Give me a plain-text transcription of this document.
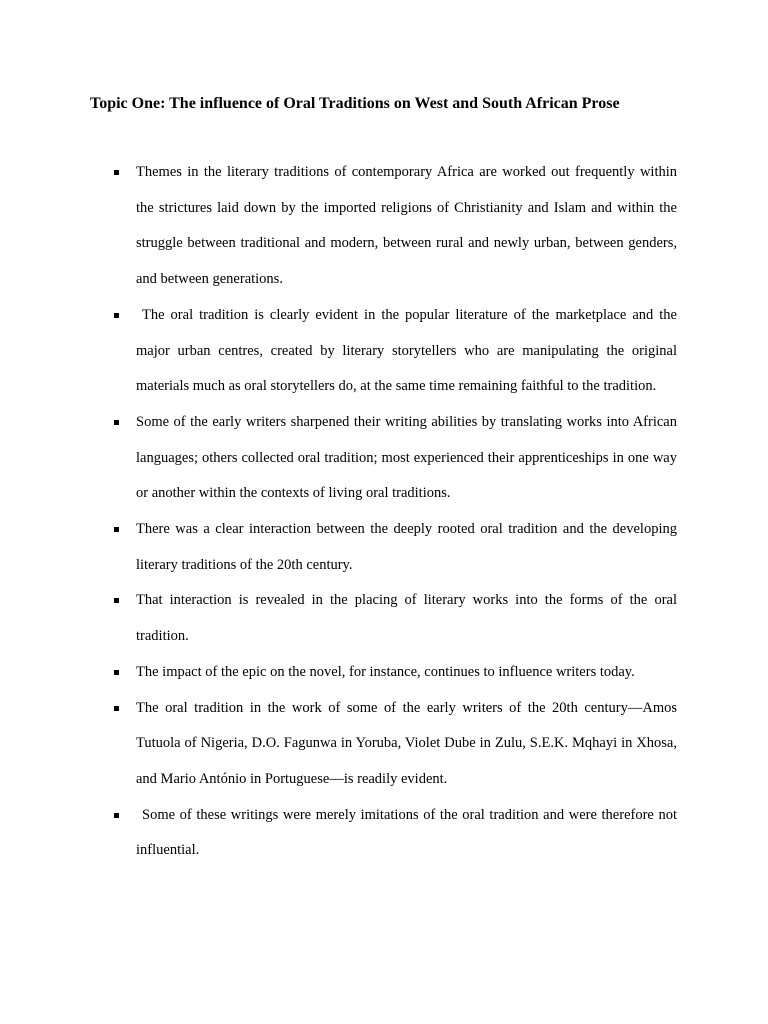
Topic One: The influence of Oral Traditions on West and South African Prose
Themes in the literary traditions of contemporary Africa are worked out frequently within the strictures laid down by the imported religions of Christianity and Islam and within the struggle between traditional and modern, between rural and newly urban, between genders, and between generations.
The oral tradition is clearly evident in the popular literature of the marketplace and the major urban centres, created by literary storytellers who are manipulating the original materials much as oral storytellers do, at the same time remaining faithful to the tradition.
Some of the early writers sharpened their writing abilities by translating works into African languages; others collected oral tradition; most experienced their apprenticeships in one way or another within the contexts of living oral traditions.
There was a clear interaction between the deeply rooted oral tradition and the developing literary traditions of the 20th century.
That interaction is revealed in the placing of literary works into the forms of the oral tradition.
The impact of the epic on the novel, for instance, continues to influence writers today.
The oral tradition in the work of some of the early writers of the 20th century—Amos Tutuola of Nigeria, D.O. Fagunwa in Yoruba, Violet Dube in Zulu, S.E.K. Mqhayi in Xhosa, and Mario António in Portuguese—is readily evident.
Some of these writings were merely imitations of the oral tradition and were therefore not influential.
